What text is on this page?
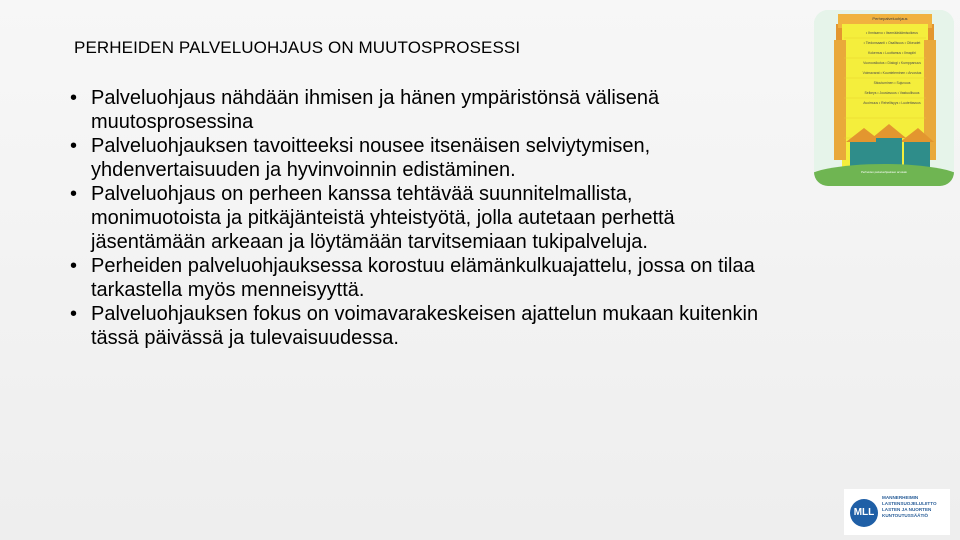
PERHEIDEN PALVELUOHJAUS ON MUUTOSPROSESSI
• Palveluohjaus nähdään ihmisen ja hänen ympäristönsä välisenä muutosprosessina
• Palveluohjauksen tavoitteeksi nousee itsenäisen selviytymisen, yhdenvertaisuuden ja hyvinvoinnin edistäminen.
• Palveluohjaus on perheen kanssa tehtävää suunnitelmallista, monimuotoista ja pitkäjänteistä yhteistyötä, jolla autetaan perhettä jäsentämään arkeaan ja löytämään tarvitsemiaan tukipalveluja.
• Perheiden palveluohjauksessa korostuu elämänkulkuajattelu, jossa on tilaa tarkastella myös menneisyyttä.
• Palveluohjauksen fokus on voimavarakeskeisen ajattelun mukaan kuitenkin tässä päivässä ja tulevaisuudessa.
Perhepalveluohjaus
• Ihmisarvo • Itsemääräämisoikeus
• Tiedonsaanti • Osallisuus • Oikeudet
Kokemus • Luottamus • Ilmapiiri
Vuorovaikutus • Dialogi • Kumppanuus
Voimavarat • Kuunteleminen • Arvostus
Sitoutuminen • Sujuvuus
Selkeys • Joustavuus • Vastuullisuus
Avoimuus • Rehellisyys • Luotettavuus
Perheiden palveluohjauksen arvotalo
MLL
MANNERHEIMIN
LASTENSUOJELULIITTO
LASTEN JA NUORTEN
KUNTOUTUSSÄÄTIÖ
